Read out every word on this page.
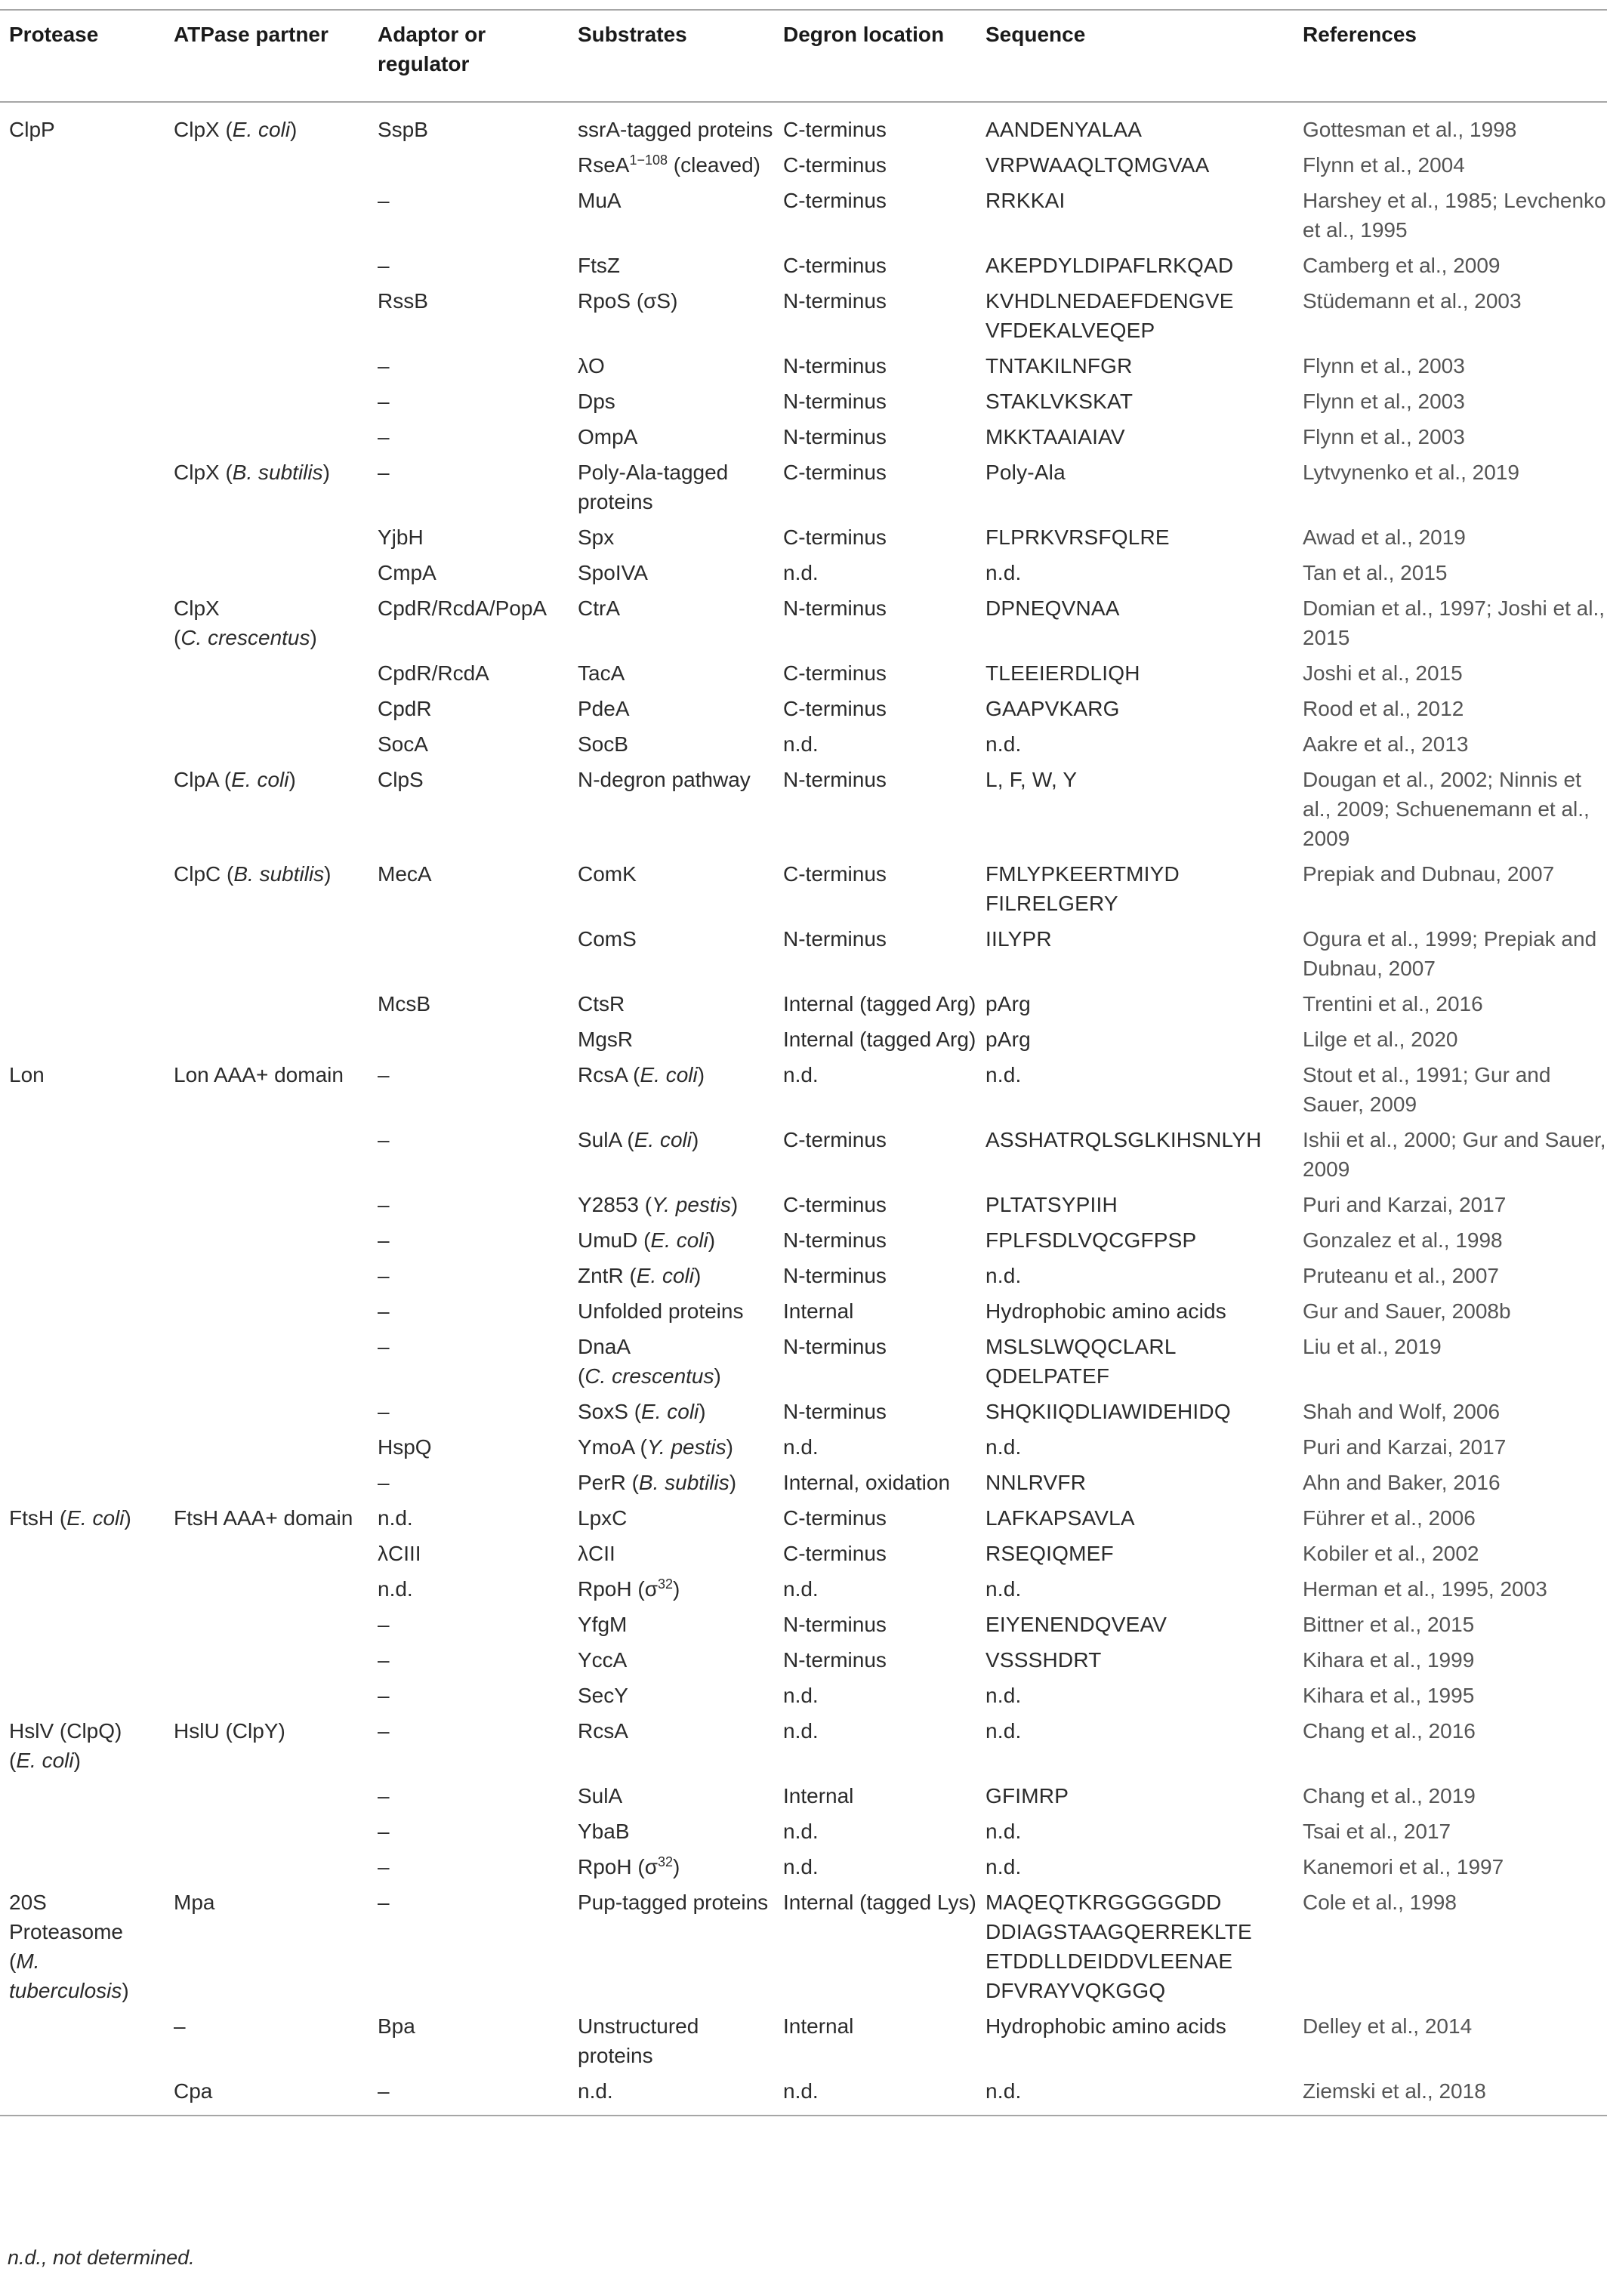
Protease	ATPase partner	Adaptor or regulator	Substrates	Degron location	Sequence	References
ClpP	ClpX (E. coli)	SspB	ssrA-tagged proteins	C-terminus	AANDENYALAA	Gottesman et al., 1998
			RseA$^{1-108}$ (cleaved)	C-terminus	VRPWAAQLTQMGVAA	Flynn et al., 2004
		–	MuA	C-terminus	RRKKAI	Harshey et al., 1985; Levchenko et al., 1995
		–	FtsZ	C-terminus	AKEPDYLDIPAFLRKQAD	Camberg et al., 2009
		RssB	RpoS (σS)	N-terminus	KVHDLNEDAEFDENGVE
VFDEKALVEQEP	Stüdemann et al., 2003
		–	λO	N-terminus	TNTAKILNFGR	Flynn et al., 2003
		–	Dps	N-terminus	STAKLVKSKAT	Flynn et al., 2003
		–	OmpA	N-terminus	MKKTAAIAIAV	Flynn et al., 2003
	ClpX (B. subtilis)	–	Poly-Ala-tagged proteins	C-terminus	Poly-Ala	Lytvynenko et al., 2019
		YjbH	Spx	C-terminus	FLPRKVRSFQLRE	Awad et al., 2019
		CmpA	SpoIVA	n.d.	n.d.	Tan et al., 2015
	ClpX
(C. crescentus)	CpdR/RcdA/PopA	CtrA	N-terminus	DPNEQVNAA	Domian et al., 1997; Joshi et al., 2015
		CpdR/RcdA	TacA	C-terminus	TLEEIERDLIQH	Joshi et al., 2015
		CpdR	PdeA	C-terminus	GAAPVKARG	Rood et al., 2012
		SocA	SocB	n.d.	n.d.	Aakre et al., 2013
	ClpA (E. coli)	ClpS	N-degron pathway	N-terminus	L, F, W, Y	Dougan et al., 2002; Ninnis et al., 2009; Schuenemann et al., 2009
	ClpC (B. subtilis)	MecA	ComK	C-terminus	FMLYPKEERTMIYD
FILRELGERY	Prepiak and Dubnau, 2007
			ComS	N-terminus	IILYPR	Ogura et al., 1999; Prepiak and Dubnau, 2007
		McsB	CtsR	Internal (tagged Arg)	pArg	Trentini et al., 2016
			MgsR	Internal (tagged Arg)	pArg	Lilge et al., 2020
Lon	Lon AAA+ domain	–	RcsA (E. coli)	n.d.	n.d.	Stout et al., 1991; Gur and Sauer, 2009
		–	SulA (E. coli)	C-terminus	ASSHATRQLSGLKIHSNLYH	Ishii et al., 2000; Gur and Sauer, 2009
		–	Y2853 (Y. pestis)	C-terminus	PLTATSYPIIH	Puri and Karzai, 2017
		–	UmuD (E. coli)	N-terminus	FPLFSDLVQCGFPSP	Gonzalez et al., 1998
		–	ZntR (E. coli)	N-terminus	n.d.	Pruteanu et al., 2007
		–	Unfolded proteins	Internal	Hydrophobic amino acids	Gur and Sauer, 2008b
		–	DnaA
(C. crescentus)	N-terminus	MSLSLWQQCLARL
QDELPATEF	Liu et al., 2019
		–	SoxS (E. coli)	N-terminus	SHQKIIQDLIAWIDEHIDQ	Shah and Wolf, 2006
		HspQ	YmoA (Y. pestis)	n.d.	n.d.	Puri and Karzai, 2017
		–	PerR (B. subtilis)	Internal, oxidation	NNLRVFR	Ahn and Baker, 2016
FtsH (E. coli)	FtsH AAA+ domain	n.d.	LpxC	C-terminus	LAFKAPSAVLA	Führer et al., 2006
		λCIII	λCII	C-terminus	RSEQIQMEF	Kobiler et al., 2002
		n.d.	RpoH $(\sigma^{32})$	n.d.	n.d.	Herman et al., 1995, 2003
		–	YfgM	N-terminus	EIYENENDQVEAV	Bittner et al., 2015
		–	YccA	N-terminus	VSSSHDRT	Kihara et al., 1999
		–	SecY	n.d.	n.d.	Kihara et al., 1995
HslV (ClpQ)
(E. coli)	HslU (ClpY)	–	RcsA	n.d.	n.d.	Chang et al., 2016
		–	SulA	Internal	GFIMRP	Chang et al., 2019
		–	YbaB	n.d.	n.d.	Tsai et al., 2017
		–	RpoH $(\sigma^{32})$	n.d.	n.d.	Kanemori et al., 1997
20S Proteasome
(M. tuberculosis)	Mpa	–	Pup-tagged proteins	Internal (tagged Lys)	MAQEQTKRGGGGGDD
DDIAGSTAAGQERREKLTE
ETDDLLDEIDDVLEENAE
DFVRAYVQKGGQ	Cole et al., 1998
	–	Bpa	Unstructured proteins	Internal	Hydrophobic amino acids	Delley et al., 2014
	Cpa	–	n.d.	n.d.	n.d.	Ziemski et al., 2018
n.d., not determined.
